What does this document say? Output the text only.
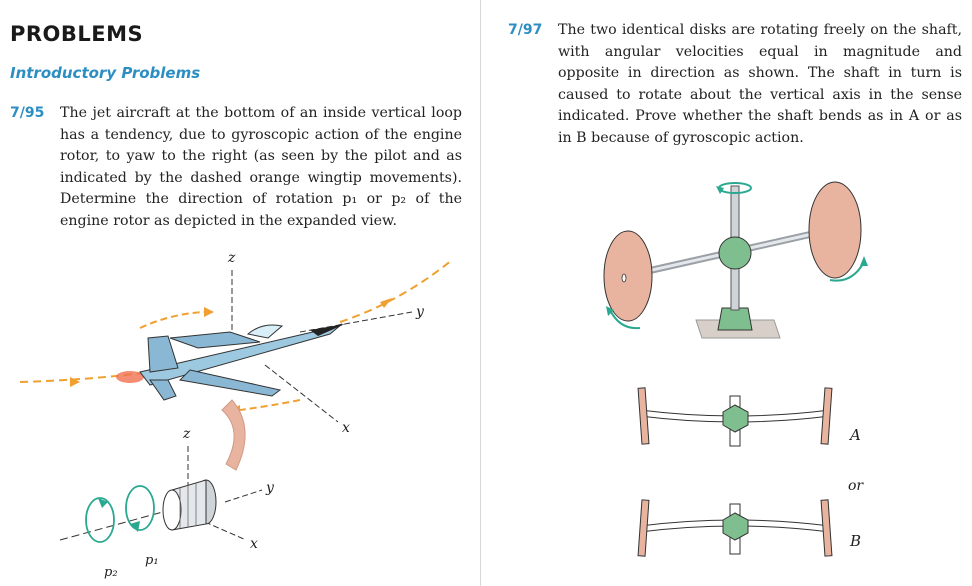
PROBLEMS
Introductory Problems
7/95 The jet aircraft at the bottom of an inside vertical loop has a tendency, due to gyroscopic action of the engine rotor, to yaw to the right (as seen by the pilot and as indicated by the dashed orange wingtip movements). Determine the direction of rotation p₁ or p₂ of the engine rotor as depicted in the expanded view.
z
y
x
z
y
x
p₁
p₂
7/97 The two identical disks are rotating freely on the shaft, with angular velocities equal in magnitude and opposite in direction as shown. The shaft in turn is caused to rotate about the vertical axis in the sense indicated. Prove whether the shaft bends as in A or as in B because of gyroscopic action.
A
or
B
